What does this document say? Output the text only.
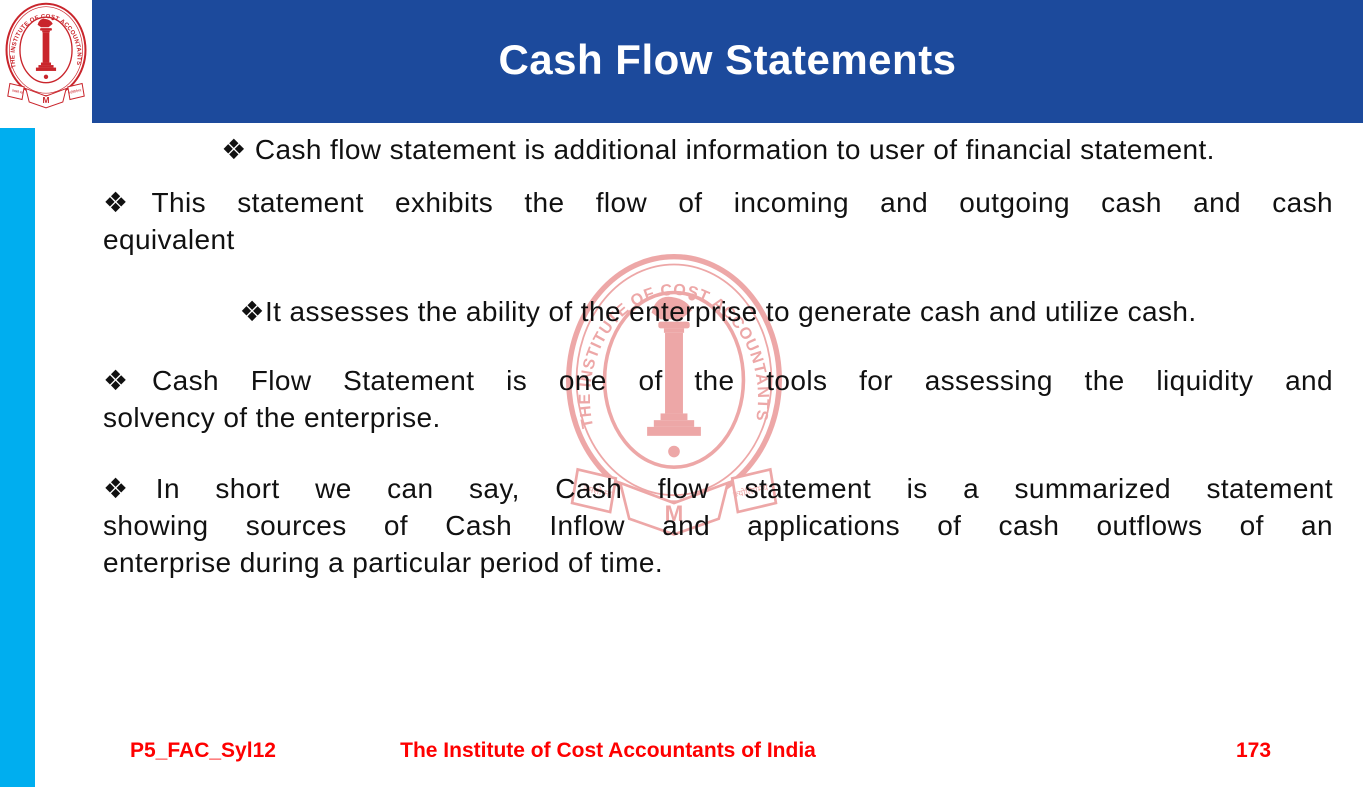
Cash Flow Statements
❖ Cash flow statement is additional information to user of financial statement.
❖This statement exhibits the flow of incoming and outgoing cash and cash
equivalent
❖It assesses the ability of the enterprise to generate cash and utilize cash.
❖Cash Flow Statement is one of the tools for assessing the liquidity and
solvency of the enterprise.
❖In short we can say, Cash flow statement is a summarized statement
showing sources of Cash Inflow and applications of cash outflows of an
enterprise during a particular period of time.
P5_FAC_Syl12	The Institute of Cost Accountants of India	173
